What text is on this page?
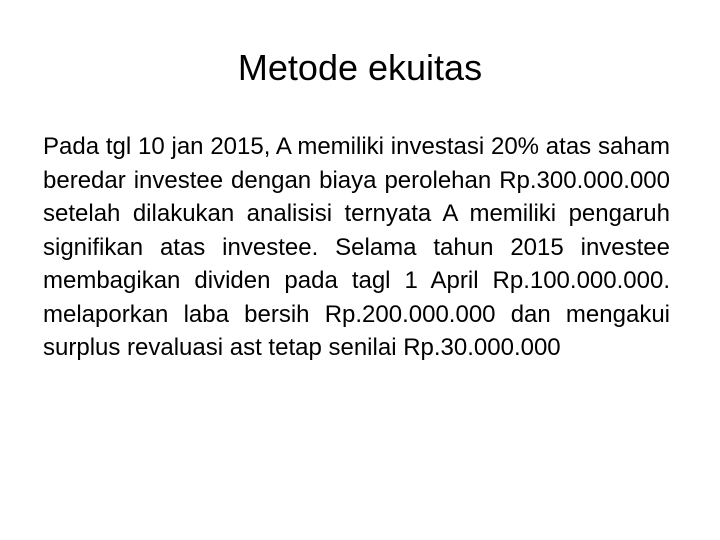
Metode ekuitas

Pada tgl 10 jan 2015, A memiliki investasi 20% atas saham beredar investee dengan biaya perolehan Rp.300.000.000 setelah dilakukan analisisi ternyata A memiliki pengaruh signifikan atas investee. Selama tahun 2015 investee membagikan dividen pada tagl 1 April Rp.100.000.000. melaporkan laba bersih Rp.200.000.000 dan mengakui surplus revaluasi ast tetap senilai Rp.30.000.000
